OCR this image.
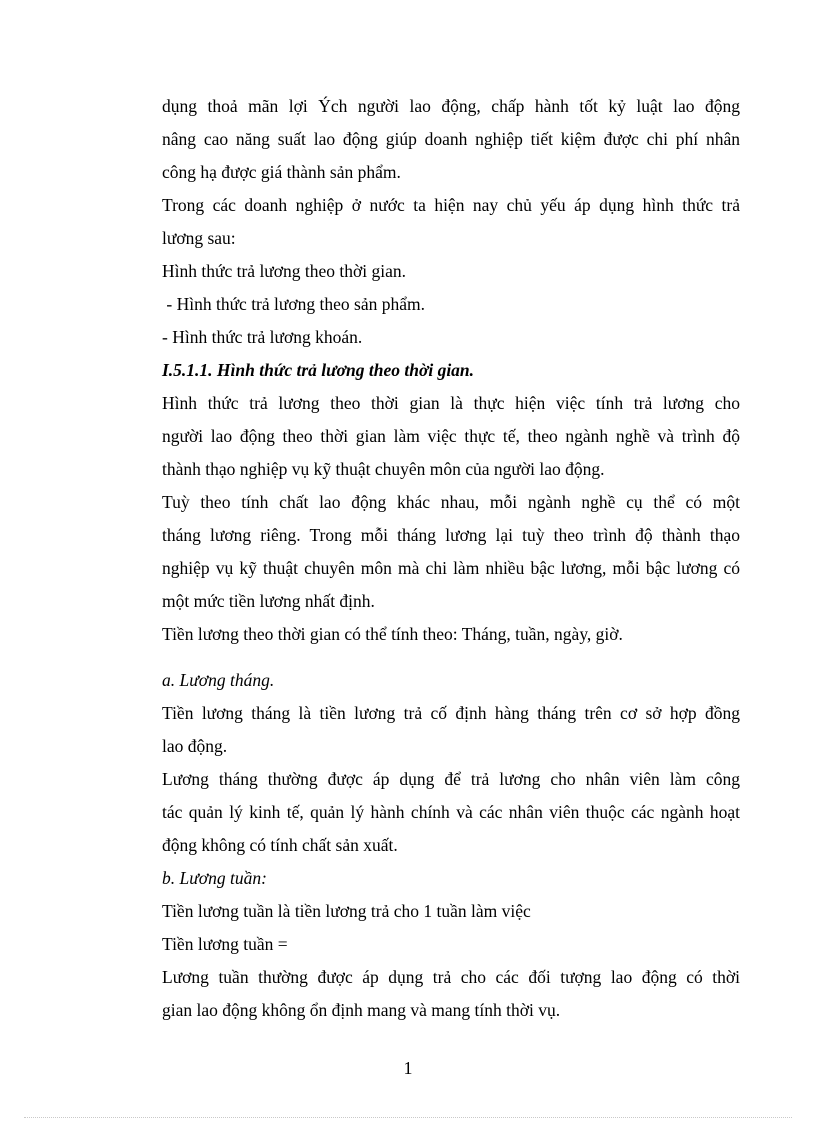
dụng thoả mãn lợi Ých người lao động, chấp hành tốt kỷ luật lao động
nâng cao năng suất lao động giúp doanh nghiệp tiết kiệm được chi phí nhân
công hạ được giá thành sản phẩm.
Trong các doanh nghiệp ở nước ta hiện nay chủ yếu áp dụng hình thức trả
lương sau:
Hình thức trả lương theo thời gian.
- Hình thức trả lương theo sản phẩm.
- Hình thức trả lương khoán.
I.5.1.1. Hình thức trả lương theo thời gian.
Hình thức trả lương theo thời gian là thực hiện việc tính trả lương cho
người lao động theo thời gian làm việc thực tế, theo ngành nghề và trình độ
thành thạo nghiệp vụ kỹ thuật chuyên môn của người lao động.
Tuỳ theo tính chất lao động khác nhau, mỗi ngành nghề cụ thể có một
tháng lương riêng. Trong mỗi tháng lương lại tuỳ theo trình độ thành thạo
nghiệp vụ kỹ thuật chuyên môn mà chi làm nhiều bậc lương, mỗi bậc lương có
một mức tiền lương nhất định.
Tiền lương theo thời gian có thể tính theo: Tháng, tuần, ngày, giờ.
a. Lương tháng.
Tiền lương tháng là tiền lương trả cố định hàng tháng trên cơ sở hợp đồng
lao động.
Lương tháng thường được áp dụng để trả lương cho nhân viên làm công
tác quản lý kinh tế, quản lý hành chính và các nhân viên thuộc các ngành hoạt
động không có tính chất sản xuất.
b. Lương tuần:
Tiền lương tuần là tiền lương trả cho 1 tuần làm việc
Tiền lương tuần =
Lương tuần thường được áp dụng trả cho các đối tượng lao động có thời
gian lao động không ổn định mang và mang tính thời vụ.
1
